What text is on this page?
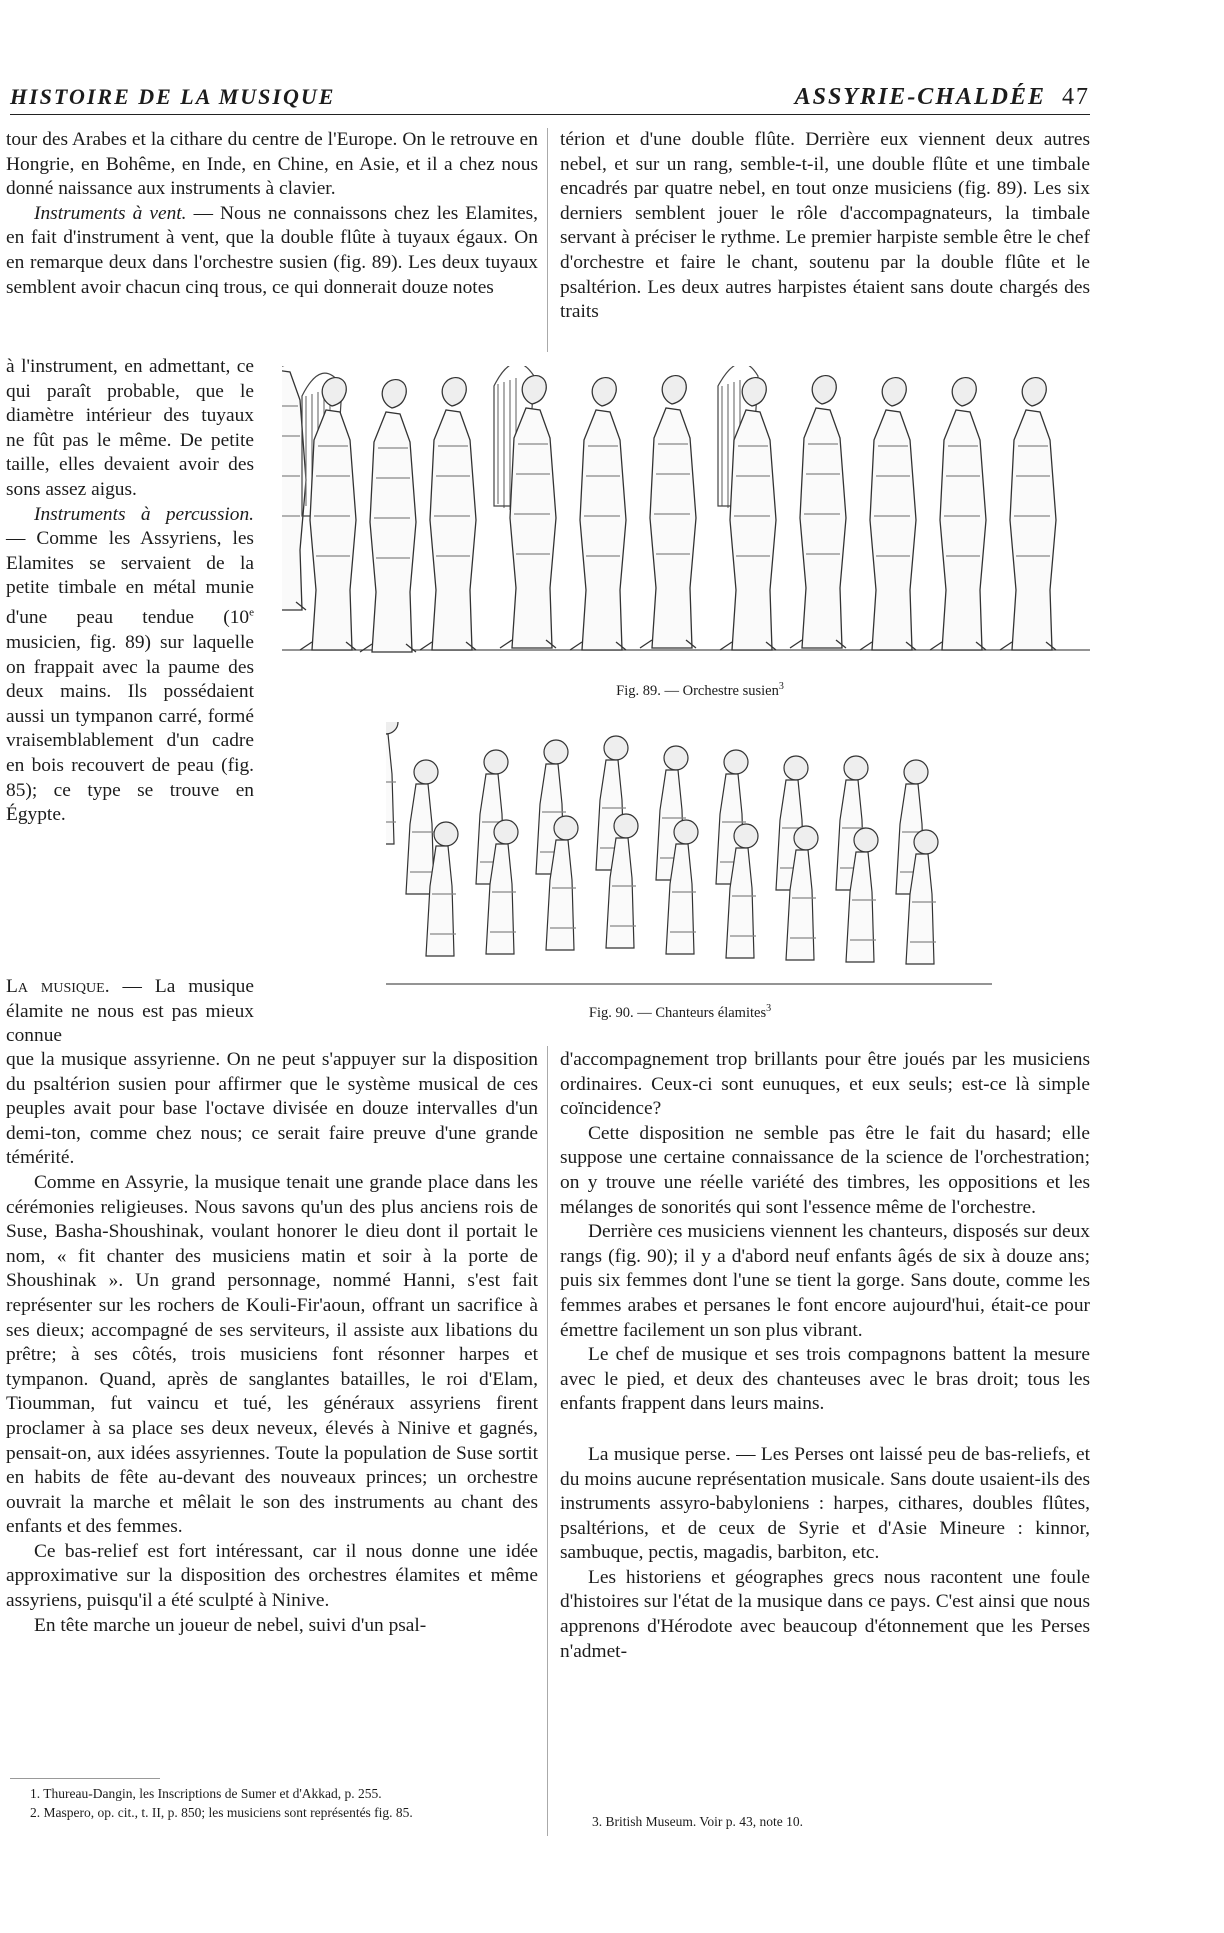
HISTOIRE DE LA MUSIQUE	ASSYRIE-CHALDÉE 47

tour des Arabes et la cithare du centre de l'Europe. On le retrouve en Hongrie, en Bohême, en Inde, en Chine, en Asie, et il a chez nous donné naissance aux instruments à clavier.

Instruments à vent. — Nous ne connaissons chez les Elamites, en fait d'instrument à vent, que la double flûte à tuyaux égaux. On en remarque deux dans l'orchestre susien (fig. 89). Les deux tuyaux semblent avoir chacun cinq trous, ce qui donnerait douze notes

à l'instrument, en admettant, ce qui paraît probable, que le diamètre intérieur des tuyaux ne fût pas le même. De petite taille, elles devaient avoir des sons assez aigus.

Instruments à percussion. — Comme les Assyriens, les Elamites se servaient de la petite timbale en métal munie d'une peau tendue (10e musicien, fig. 89) sur laquelle on frappait avec la paume des deux mains. Ils possédaient aussi un tympanon carré, formé vraisemblablement d'un cadre en bois recouvert de peau (fig. 85); ce type se trouve en Égypte.

La musique. — La musique élamite ne nous est pas mieux connue

que la musique assyrienne. On ne peut s'appuyer sur la disposition du psaltérion susien pour affirmer que le système musical de ces peuples avait pour base l'octave divisée en douze intervalles d'un demi-ton, comme chez nous; ce serait faire preuve d'une grande témérité.

Comme en Assyrie, la musique tenait une grande place dans les cérémonies religieuses. Nous savons qu'un des plus anciens rois de Suse, Basha-Shoushinak, voulant honorer le dieu dont il portait le nom, « fit chanter des musiciens matin et soir à la porte de Shoushinak ». Un grand personnage, nommé Hanni, s'est fait représenter sur les rochers de Kouli-Fir'aoun, offrant un sacrifice à ses dieux; accompagné de ses serviteurs, il assiste aux libations du prêtre; à ses côtés, trois musiciens font résonner harpes et tympanon. Quand, après de sanglantes batailles, le roi d'Elam, Tioumman, fut vaincu et tué, les généraux assyriens firent proclamer à sa place ses deux neveux, élevés à Ninive et gagnés, pensait-on, aux idées assyriennes. Toute la population de Suse sortit en habits de fête au-devant des nouveaux princes; un orchestre ouvrait la marche et mêlait le son des instruments au chant des enfants et des femmes.

Ce bas-relief est fort intéressant, car il nous donne une idée approximative sur la disposition des orchestres élamites et même assyriens, puisqu'il a été sculpté à Ninive.

En tête marche un joueur de nebel, suivi d'un psal-

térion et d'une double flûte. Derrière eux viennent deux autres nebel, et sur un rang, semble-t-il, une double flûte et une timbale encadrés par quatre nebel, en tout onze musiciens (fig. 89). Les six derniers semblent jouer le rôle d'accompagnateurs, la timbale servant à préciser le rythme. Le premier harpiste semble être le chef d'orchestre et faire le chant, soutenu par la double flûte et le psaltérion. Les deux autres harpistes étaient sans doute chargés des traits

Fig. 89. — Orchestre susien$^3$
Fig. 90. — Chanteurs élamites$^3$

d'accompagnement trop brillants pour être joués par les musiciens ordinaires. Ceux-ci sont eunuques, et eux seuls; est-ce là simple coïncidence?

Cette disposition ne semble pas être le fait du hasard; elle suppose une certaine connaissance de la science de l'orchestration; on y trouve une réelle variété des timbres, les oppositions et les mélanges de sonorités qui sont l'essence même de l'orchestre.

Derrière ces musiciens viennent les chanteurs, disposés sur deux rangs (fig. 90); il y a d'abord neuf enfants âgés de six à douze ans; puis six femmes dont l'une se tient la gorge. Sans doute, comme les femmes arabes et persanes le font encore aujourd'hui, était-ce pour émettre facilement un son plus vibrant.

Le chef de musique et ses trois compagnons battent la mesure avec le pied, et deux des chanteuses avec le bras droit; tous les enfants frappent dans leurs mains.

La musique perse. — Les Perses ont laissé peu de bas-reliefs, et du moins aucune représentation musicale. Sans doute usaient-ils des instruments assyro-babyloniens : harpes, cithares, doubles flûtes, psaltérions, et de ceux de Syrie et d'Asie Mineure : kinnor, sambuque, pectis, magadis, barbiton, etc.

Les historiens et géographes grecs nous racontent une foule d'histoires sur l'état de la musique dans ce pays. C'est ainsi que nous apprenons d'Hérodote avec beaucoup d'étonnement que les Perses n'admet-

1. Thureau-Dangin, les Inscriptions de Sumer et d'Akkad, p. 255.

2. Maspero, op. cit., t. II, p. 850; les musiciens sont représentés fig. 85.

3. British Museum. Voir p. 43, note 10.
